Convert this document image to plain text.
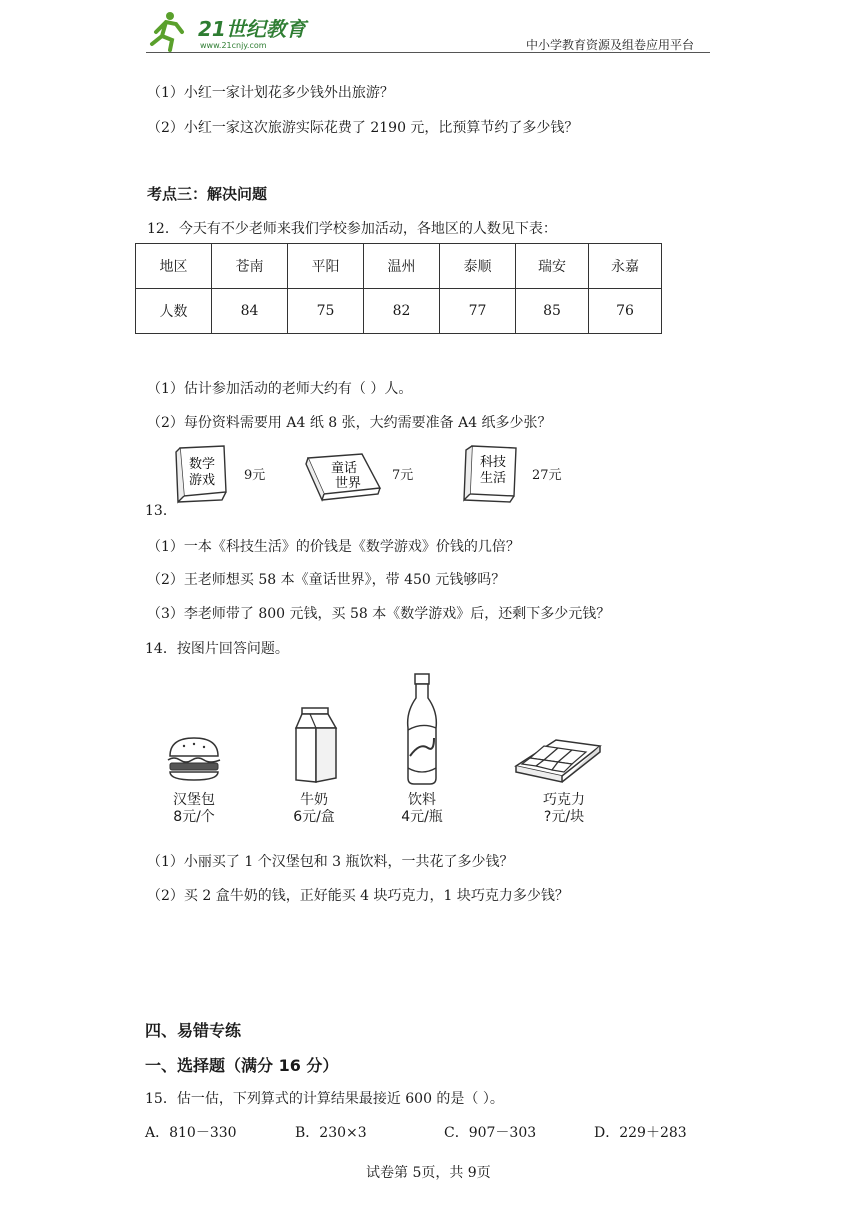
21世纪教育
www.21cnjy.com	中小学教育资源及组卷应用平台
（1）小红一家计划花多少钱外出旅游？
（2）小红一家这次旅游实际花费了 2190 元，比预算节约了多少钱？
考点三：解决问题
12．今天有不少老师来我们学校参加活动，各地区的人数见下表：
地区	苍南	平阳	温州	泰顺	瑞安	永嘉
人数	84	75	82	77	85	76
（1）估计参加活动的老师大约有（ ）人。
（2）每份资料需要用 A4 纸 8 张，大约需要准备 A4 纸多少张？
数学
游戏 9元	童话
世界
7元
科技
生活 27元
13．
（1）一本《科技生活》的价钱是《数学游戏》价钱的几倍？
（2）王老师想买 58 本《童话世界》，带 450 元钱够吗？
（3）李老师带了 800 元钱，买 58 本《数学游戏》后，还剩下多少元钱？
14．按图片回答问题。
汉堡包
8元/个
牛奶
6元/盒
饮料
4元/瓶
巧克力
?元/块
（1）小丽买了 1 个汉堡包和 3 瓶饮料，一共花了多少钱？
（2）买 2 盒牛奶的钱，正好能买 4 块巧克力，1 块巧克力多少钱？
四、易错专练
一、选择题（满分 16 分）
15．估一估，下列算式的计算结果最接近 600 的是（ ）。
A．810－330	B．230×3	C．907－303	D．229＋283
试卷第 5页，共 9页
